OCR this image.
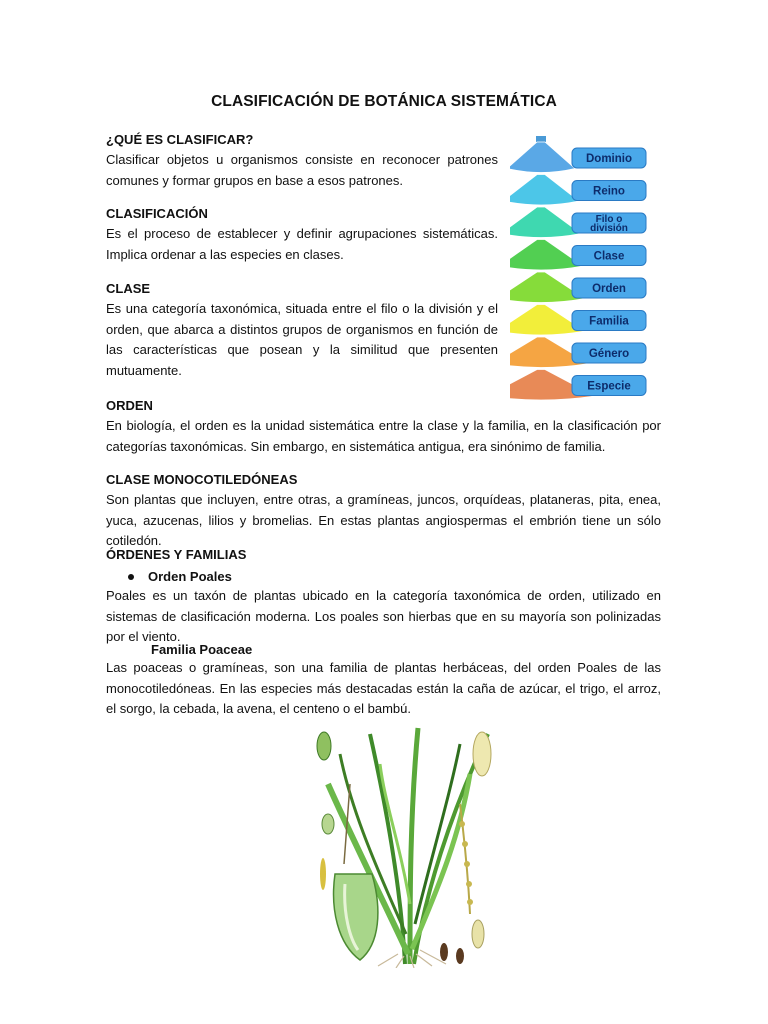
CLASIFICACIÓN DE BOTÁNICA SISTEMÁTICA
¿QUÉ ES CLASIFICAR?

Clasificar objetos u organismos consiste en reconocer patrones comunes y formar grupos en base a esos patrones.

CLASIFICACIÓN

Es el proceso de establecer y definir agrupaciones sistemáticas. Implica ordenar a las especies en clases.

CLASE

Es una categoría taxonómica, situada entre el filo o la división y el orden, que abarca a distintos grupos de organismos en función de las características que posean y la similitud que presenten mutuamente.

ORDEN

En biología, el orden es la unidad sistemática entre la clase y la familia, en la clasificación por categorías taxonómicas. Sin embargo, en sistemática antigua, era sinónimo de familia.

CLASE MONOCOTILEDÓNEAS

Son plantas que incluyen, entre otras, a gramíneas, juncos, orquídeas, plataneras, pita, enea, yuca, azucenas, lilios y bromelias. En estas plantas angiospermas el embrión tiene un sólo cotiledón.

ÓRDENES Y FAMILIAS
Orden Poales

Poales es un taxón de plantas ubicado en la categoría taxonómica de orden, utilizado en sistemas de clasificación moderna. Los poales son hierbas que en su mayoría son polinizadas por el viento.

Familia Poaceae

Las poaceas o gramíneas, son una familia de plantas herbáceas, del orden Poales de las monocotiledóneas. En las especies más destacadas están la caña de azúcar, el trigo, el arroz, el sorgo, la cebada, la avena, el centeno o el bambú.

Dominio
Reino
Filo o
división
Clase
Orden
Familia
Género
Especie
